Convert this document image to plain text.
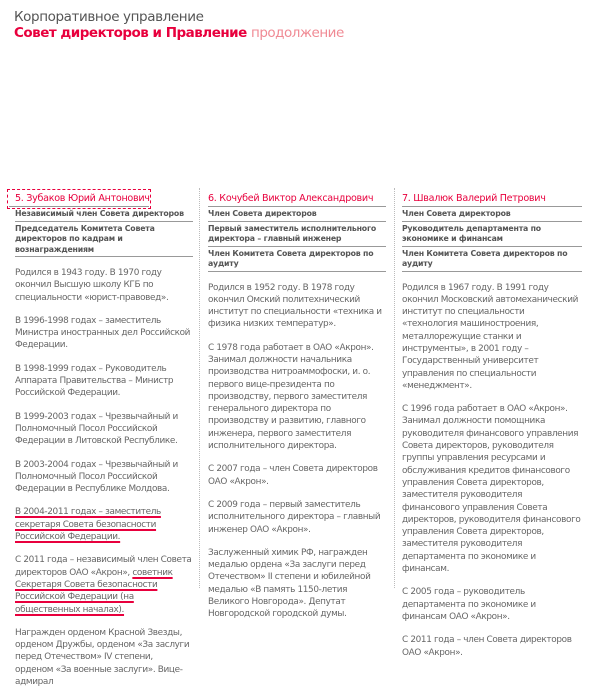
Корпоративное управление
Совет директоров и Правление продолжение
5. Зубаков Юрий Антонович
Независимый член Совета директоров
Председатель Комитета Совета директоров по кадрам и вознаграждениям

Родился в 1943 году. В 1970 году окончил Высшую школу КГБ по специальности «юрист-правовед».

В 1996-1998 годах – заместитель Министра иностранных дел Российской Федерации.

В 1998-1999 годах – Руководитель Аппарата Правительства – Министр Российской Федерации.

В 1999-2003 годах – Чрезвычайный и Полномочный Посол Российской Федерации в Литовской Республике.

В 2003-2004 годах – Чрезвычайный и Полномочный Посол Российской Федерации в Республике Молдова.

В 2004-2011 годах – заместитель секретаря Совета безопасности Российской Федерации.

С 2011 года – независимый член Совета директоров ОАО «Акрон», советник Секретаря Совета безопасности Российской Федерации (на общественных началах).

Награжден орденом Красной Звезды, орденом Дружбы, орденом «За заслуги перед Отечеством» IV степени, орденом «За военные заслуги». Вице-адмирал

6. Кочубей Виктор Александрович
Член Совета директоров
Первый заместитель исполнительного директора – главный инженер
Член Комитета Совета директоров по аудиту

Родился в 1952 году. В 1978 году окончил Омский политехнический институт по специальности «техника и физика низких температур».

С 1978 года работает в ОАО «Акрон». Занимал должности начальника производства нитроаммофоски, и. о. первого вице-президента по производству, первого заместителя генерального директора по производству и развитию, главного инженера, первого заместителя исполнительного директора.

С 2007 года – член Совета директоров ОАО «Акрон».

С 2009 года – первый заместитель исполнительного директора – главный инженер ОАО «Акрон».

Заслуженный химик РФ, награжден медалью ордена «За заслуги перед Отечеством» II степени и юбилейной медалью «В память 1150-летия Великого Новгорода». Депутат Новгородской городской думы.

7. Швалюк Валерий Петрович
Член Совета директоров
Руководитель департамента по экономике и финансам
Член Комитета Совета директоров по аудиту

Родился в 1967 году. В 1991 году окончил Московский автомеханический институт по специальности «технология машиностроения, металлорежущие станки и инструменты», в 2001 году – Государственный университет управления по специальности «менеджмент».

С 1996 года работает в ОАО «Акрон». Занимал должности помощника руководителя финансового управления Совета директоров, руководителя группы управления ресурсами и обслуживания кредитов финансового управления Совета директоров, заместителя руководителя финансового управления Совета директоров, руководителя финансового управления Совета директоров, заместителя руководителя департамента по экономике и финансам.

С 2005 года – руководитель департамента по экономике и финансам ОАО «Акрон».

С 2011 года – член Совета директоров ОАО «Акрон».
